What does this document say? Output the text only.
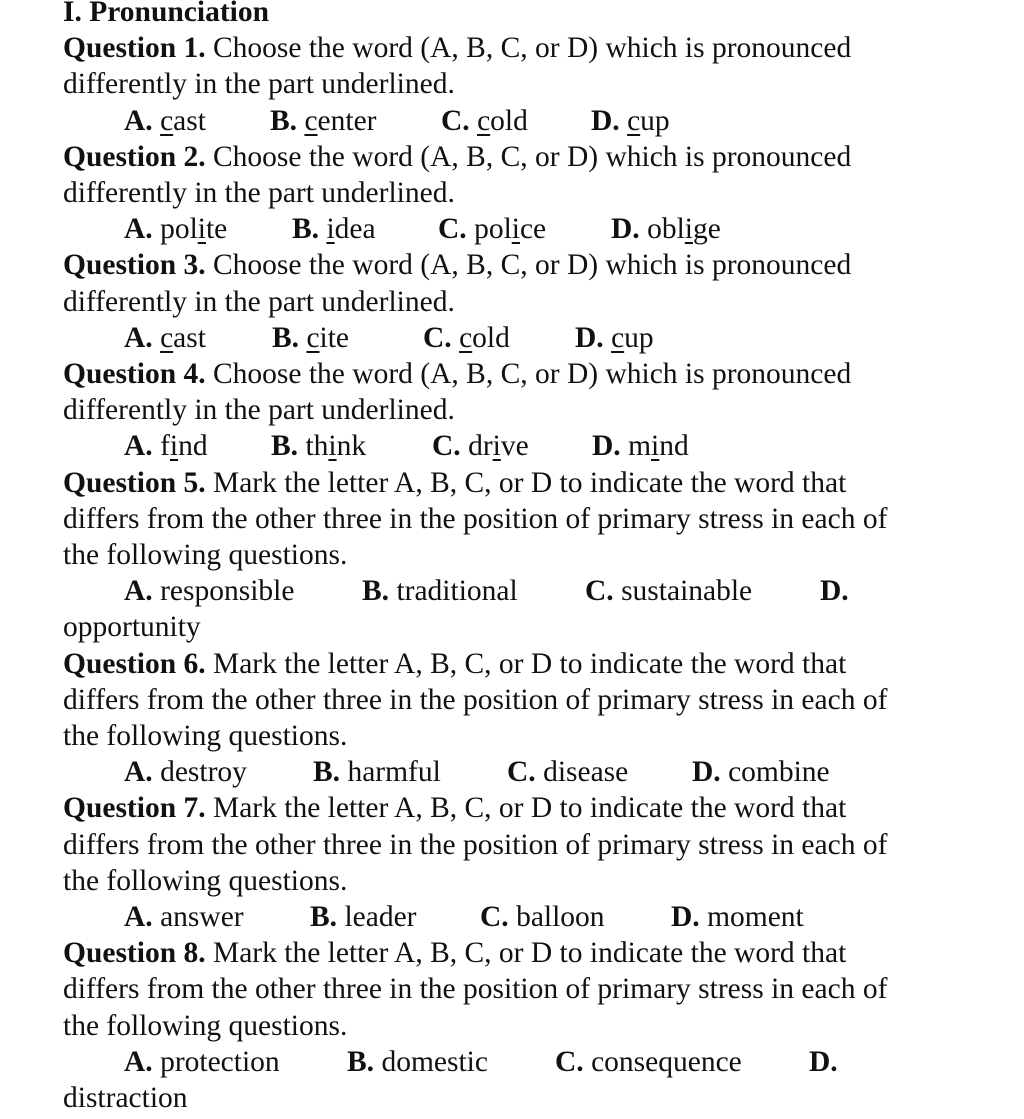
I. Pronunciation
Question 1. Choose the word (A, B, C, or D) which is pronounced
differently in the part underlined.
A. cast B. center C. cold D. cup
Question 2. Choose the word (A, B, C, or D) which is pronounced
differently in the part underlined.
A. polite B. idea C. police D. oblige
Question 3. Choose the word (A, B, C, or D) which is pronounced
differently in the part underlined.
A. cast B. cite	C. cold D. cup
Question 4. Choose the word (A, B, C, or D) which is pronounced
differently in the part underlined.
A. find B. think C. drive D. mind
Question 5. Mark the letter A, B, C, or D to indicate the word that
differs from the other three in the position of primary stress in each of
the following questions.
A. responsible B. traditional C. sustainable D.
opportunity
Question 6. Mark the letter A, B, C, or D to indicate the word that
differs from the other three in the position of primary stress in each of
the following questions.
A. destroy B. harmful C. disease D. combine
Question 7. Mark the letter A, B, C, or D to indicate the word that
differs from the other three in the position of primary stress in each of
the following questions.
A. answer B. leader C. balloon D. moment
Question 8. Mark the letter A, B, C, or D to indicate the word that
differs from the other three in the position of primary stress in each of
the following questions.
A. protection B. domestic C. consequence D.
distraction
